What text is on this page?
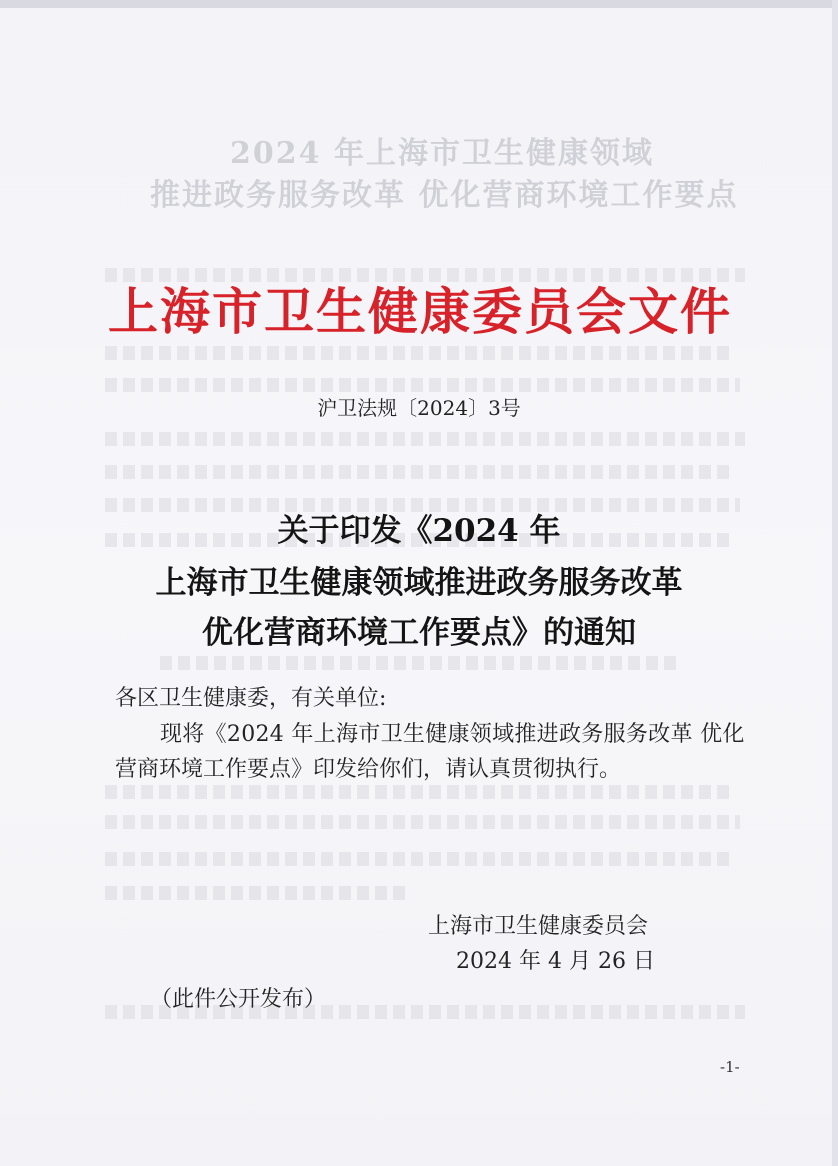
2024 年上海市卫生健康领域
推进政务服务改革 优化营商环境工作要点
上海市卫生健康委员会文件
沪卫法规〔2024〕3号
关于印发《2024 年
上海市卫生健康领域推进政务服务改革
优化营商环境工作要点》的通知
各区卫生健康委，有关单位:
现将《2024 年上海市卫生健康领域推进政务服务改革 优化
营商环境工作要点》印发给你们，请认真贯彻执行。
上海市卫生健康委员会
2024 年 4 月 26 日
（此件公开发布）
-1-
